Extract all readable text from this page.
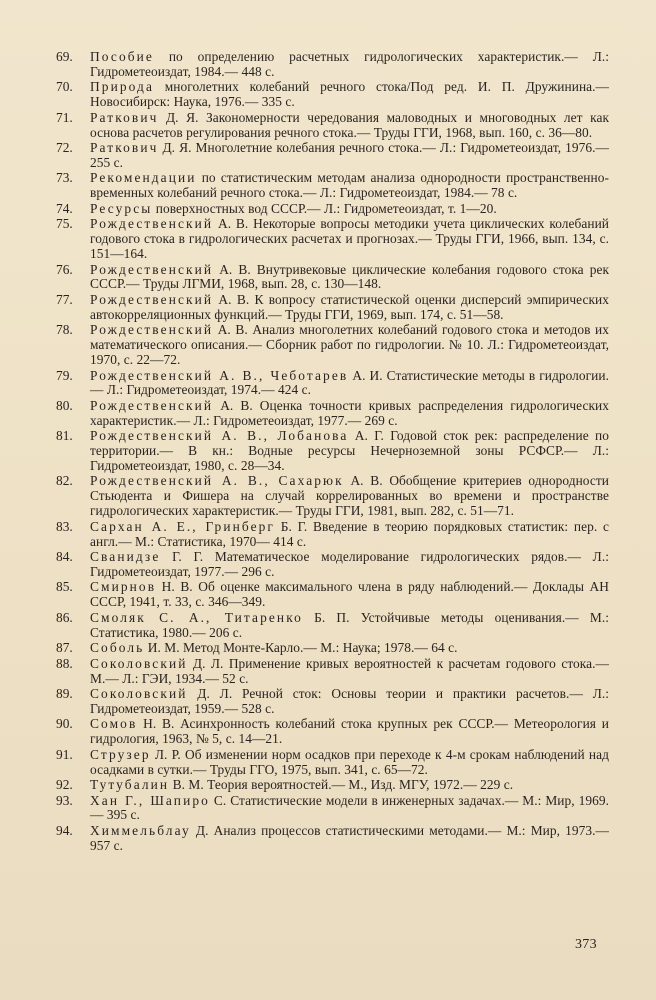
69.	Пособие по определению расчетных гидрологических характеристик.— Л.: Гидрометеоиздат, 1984.— 448 с.
70.	Природа многолетних колебаний речного стока/Под ред. И. П. Дружинина.— Новосибирск: Наука, 1976.— 335 с.
71.	Раткович Д. Я. Закономерности чередования маловодных и многоводных лет как основа расчетов регулирования речного стока.— Труды ГГИ, 1968, вып. 160, с. 36—80.
72.	Раткович Д. Я. Многолетние колебания речного стока.— Л.: Гидрометеоиздат, 1976.— 255 с.
73.	Рекомендации по статистическим методам анализа однородности пространственно-временных колебаний речного стока.— Л.: Гидрометеоиздат, 1984.— 78 с.
74.	Ресурсы поверхностных вод СССР.— Л.: Гидрометеоиздат, т. 1—20.
75.	Рождественский А. В. Некоторые вопросы методики учета циклических колебаний годового стока в гидрологических расчетах и прогнозах.— Труды ГГИ, 1966, вып. 134, с. 151—164.
76.	Рождественский А. В. Внутривековые циклические колебания годового стока рек СССР.— Труды ЛГМИ, 1968, вып. 28, с. 130—148.
77.	Рождественский А. В. К вопросу статистической оценки дисперсий эмпирических автокорреляционных функций.— Труды ГГИ, 1969, вып. 174, с. 51—58.
78.	Рождественский А. В. Анализ многолетних колебаний годового стока и методов их математического описания.— Сборник работ по гидрологии. № 10. Л.: Гидрометеоиздат, 1970, с. 22—72.
79.	Рождественский А. В., Чеботарев А. И. Статистические методы в гидрологии.— Л.: Гидрометеоиздат, 1974.— 424 с.
80.	Рождественский А. В. Оценка точности кривых распределения гидрологических характеристик.— Л.: Гидрометеоиздат, 1977.— 269 с.
81.	Рождественский А. В., Лобанова А. Г. Годовой сток рек: распределение по территории.— В кн.: Водные ресурсы Нечерноземной зоны РСФСР.— Л.: Гидрометеоиздат, 1980, с. 28—34.
82.	Рождественский А. В., Сахарюк А. В. Обобщение критериев однородности Стьюдента и Фишера на случай коррелированных во времени и пространстве гидрологических характеристик.— Труды ГГИ, 1981, вып. 282, с. 51—71.
83.	Сархан А. Е., Гринберг Б. Г. Введение в теорию порядковых статистик: пер. с англ.— М.: Статистика, 1970— 414 с.
84.	Сванидзе Г. Г. Математическое моделирование гидрологических рядов.— Л.: Гидрометеоиздат, 1977.— 296 с.
85.	Смирнов Н. В. Об оценке максимального члена в ряду наблюдений.— Доклады АН СССР, 1941, т. 33, с. 346—349.
86.	Смоляк С. А., Титаренко Б. П. Устойчивые методы оценивания.— М.: Статистика, 1980.— 206 с.
87.	Соболь И. М. Метод Монте-Карло.— М.: Наука; 1978.— 64 с.
88.	Соколовский Д. Л. Применение кривых вероятностей к расчетам годового стока.— М.— Л.: ГЭИ, 1934.— 52 с.
89.	Соколовский Д. Л. Речной сток: Основы теории и практики расчетов.— Л.: Гидрометеоиздат, 1959.— 528 с.
90.	Сомов Н. В. Асинхронность колебаний стока крупных рек СССР.— Метеорология и гидрология, 1963, № 5, с. 14—21.
91.	Струзер Л. Р. Об изменении норм осадков при переходе к 4-м срокам наблюдений над осадками в сутки.— Труды ГГО, 1975, вып. 341, с. 65—72.
92.	Тутубалин В. М. Теория вероятностей.— М., Изд. МГУ, 1972.— 229 с.
93.	Хан Г., Шапиро С. Статистические модели в инженерных задачах.— М.: Мир, 1969.— 395 с.
94.	Химмельблау Д. Анализ процессов статистическими методами.— М.: Мир, 1973.— 957 с.
373
